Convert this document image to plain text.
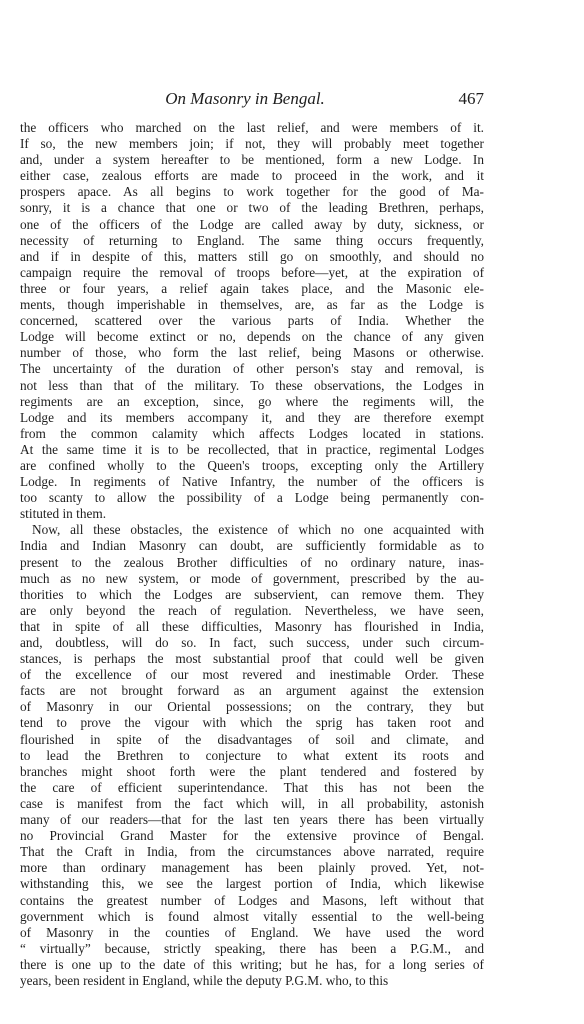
On Masonry in Bengal.	467
the officers who marched on the last relief, and were members of it.
If so, the new members join; if not, they will probably meet together
and, under a system hereafter to be mentioned, form a new Lodge. In
either case, zealous efforts are made to proceed in the work, and it
prospers apace. As all begins to work together for the good of Ma-
sonry, it is a chance that one or two of the leading Brethren, perhaps,
one of the officers of the Lodge are called away by duty, sickness, or
necessity of returning to England. The same thing occurs frequently,
and if in despite of this, matters still go on smoothly, and should no
campaign require the removal of troops before—yet, at the expiration of
three or four years, a relief again takes place, and the Masonic ele-
ments, though imperishable in themselves, are, as far as the Lodge is
concerned, scattered over the various parts of India. Whether the
Lodge will become extinct or no, depends on the chance of any given
number of those, who form the last relief, being Masons or otherwise.
The uncertainty of the duration of other person's stay and removal, is
not less than that of the military. To these observations, the Lodges in
regiments are an exception, since, go where the regiments will, the
Lodge and its members accompany it, and they are therefore exempt
from the common calamity which affects Lodges located in stations.
At the same time it is to be recollected, that in practice, regimental Lodges
are confined wholly to the Queen's troops, excepting only the Artillery
Lodge. In regiments of Native Infantry, the number of the officers is
too scanty to allow the possibility of a Lodge being permanently con-
stituted in them.
Now, all these obstacles, the existence of which no one acquainted with
India and Indian Masonry can doubt, are sufficiently formidable as to
present to the zealous Brother difficulties of no ordinary nature, inas-
much as no new system, or mode of government, prescribed by the au-
thorities to which the Lodges are subservient, can remove them. They
are only beyond the reach of regulation. Nevertheless, we have seen,
that in spite of all these difficulties, Masonry has flourished in India,
and, doubtless, will do so. In fact, such success, under such circum-
stances, is perhaps the most substantial proof that could well be given
of the excellence of our most revered and inestimable Order. These
facts are not brought forward as an argument against the extension
of Masonry in our Oriental possessions; on the contrary, they but
tend to prove the vigour with which the sprig has taken root and
flourished in spite of the disadvantages of soil and climate, and
to lead the Brethren to conjecture to what extent its roots and
branches might shoot forth were the plant tendered and fostered by
the care of efficient superintendance. That this has not been the
case is manifest from the fact which will, in all probability, astonish
many of our readers—that for the last ten years there has been virtually
no Provincial Grand Master for the extensive province of Bengal.
That the Craft in India, from the circumstances above narrated, require
more than ordinary management has been plainly proved. Yet, not-
withstanding this, we see the largest portion of India, which likewise
contains the greatest number of Lodges and Masons, left without that
government which is found almost vitally essential to the well-being
of Masonry in the counties of England. We have used the word
“ virtually” because, strictly speaking, there has been a P.G.M., and
there is one up to the date of this writing; but he has, for a long series of
years, been resident in England, while the deputy P.G.M. who, to this
